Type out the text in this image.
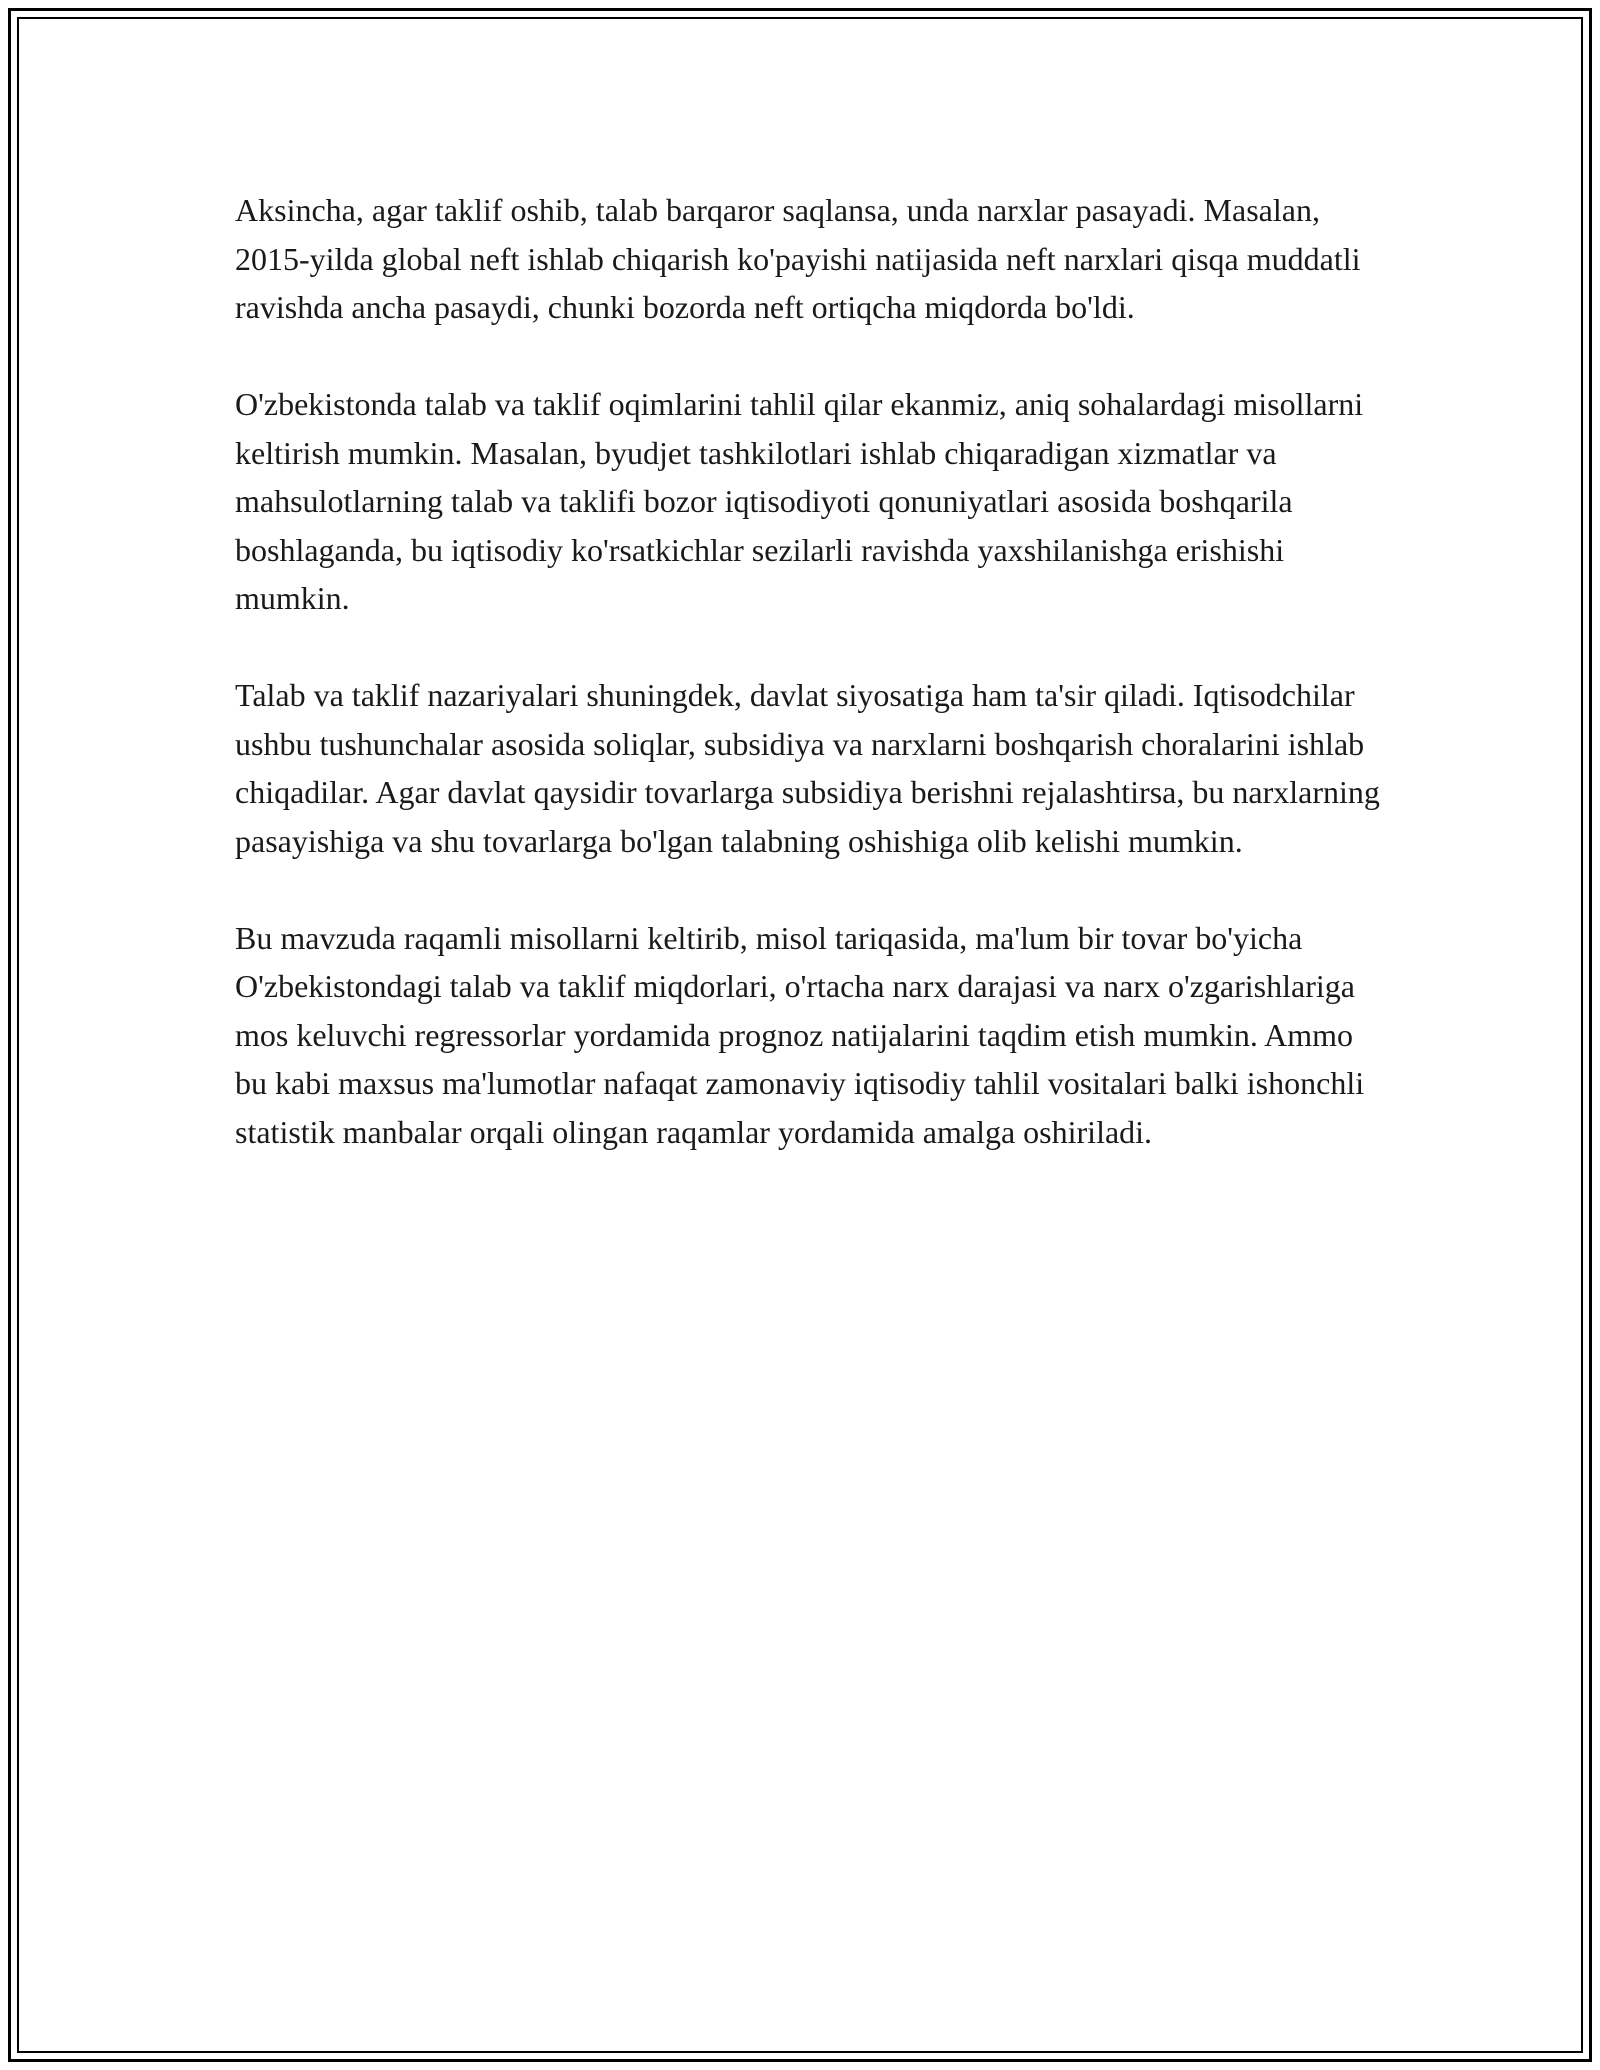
Aksincha, agar taklif oshib, talab barqaror saqlansa, unda narxlar pasayadi. Masalan, 2015-yilda global neft ishlab chiqarish ko'payishi natijasida neft narxlari qisqa muddatli ravishda ancha pasaydi, chunki bozorda neft ortiqcha miqdorda bo'ldi.

O'zbekistonda talab va taklif oqimlarini tahlil qilar ekanmiz, aniq sohalardagi misollarni keltirish mumkin. Masalan, byudjet tashkilotlari ishlab chiqaradigan xizmatlar va mahsulotlarning talab va taklifi bozor iqtisodiyoti qonuniyatlari asosida boshqarila boshlaganda, bu iqtisodiy ko'rsatkichlar sezilarli ravishda yaxshilanishga erishishi mumkin.

Talab va taklif nazariyalari shuningdek, davlat siyosatiga ham ta'sir qiladi. Iqtisodchilar ushbu tushunchalar asosida soliqlar, subsidiya va narxlarni boshqarish choralarini ishlab chiqadilar. Agar davlat qaysidir tovarlarga subsidiya berishni rejalashtirsa, bu narxlarning pasayishiga va shu tovarlarga bo'lgan talabning oshishiga olib kelishi mumkin.

Bu mavzuda raqamli misollarni keltirib, misol tariqasida, ma'lum bir tovar bo'yicha O'zbekistondagi talab va taklif miqdorlari, o'rtacha narx darajasi va narx o'zgarishlariga mos keluvchi regressorlar yordamida prognoz natijalarini taqdim etish mumkin. Ammo bu kabi maxsus ma'lumotlar nafaqat zamonaviy iqtisodiy tahlil vositalari balki ishonchli statistik manbalar orqali olingan raqamlar yordamida amalga oshiriladi.
